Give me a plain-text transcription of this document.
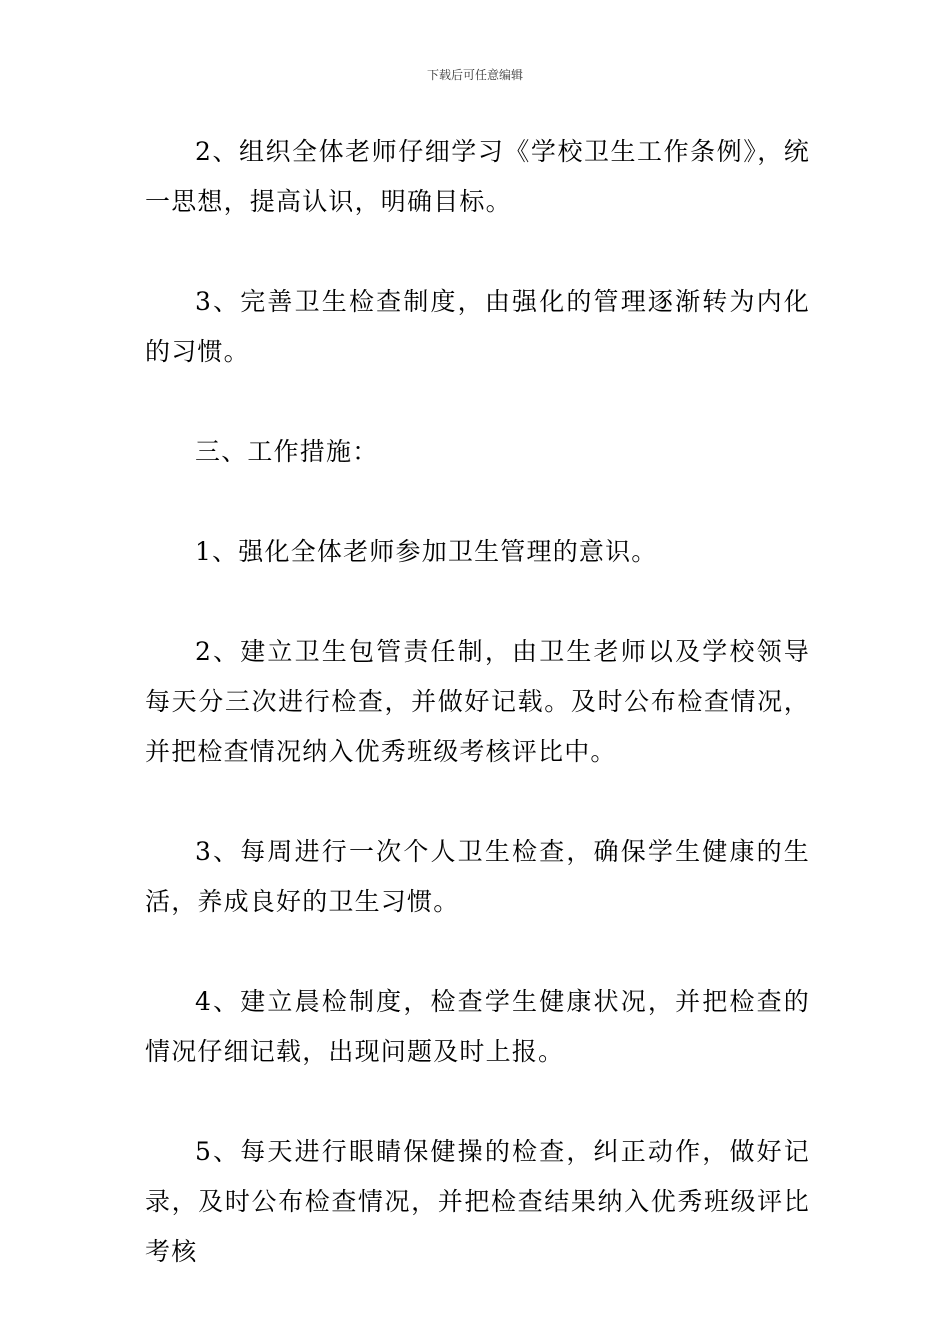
下载后可任意编辑

2、组织全体老师仔细学习《学校卫生工作条例》，统一思想，提高认识，明确目标。

3、完善卫生检查制度，由强化的管理逐渐转为内化的习惯。

三、工作措施：

1、强化全体老师参加卫生管理的意识。

2、建立卫生包管责任制，由卫生老师以及学校领导每天分三次进行检查，并做好记载。及时公布检查情况，并把检查情况纳入优秀班级考核评比中。

3、每周进行一次个人卫生检查，确保学生健康的生活，养成良好的卫生习惯。

4、建立晨检制度，检查学生健康状况，并把检查的情况仔细记载，出现问题及时上报。

5、每天进行眼睛保健操的检查，纠正动作，做好记录，及时公布检查情况，并把检查结果纳入优秀班级评比考核
